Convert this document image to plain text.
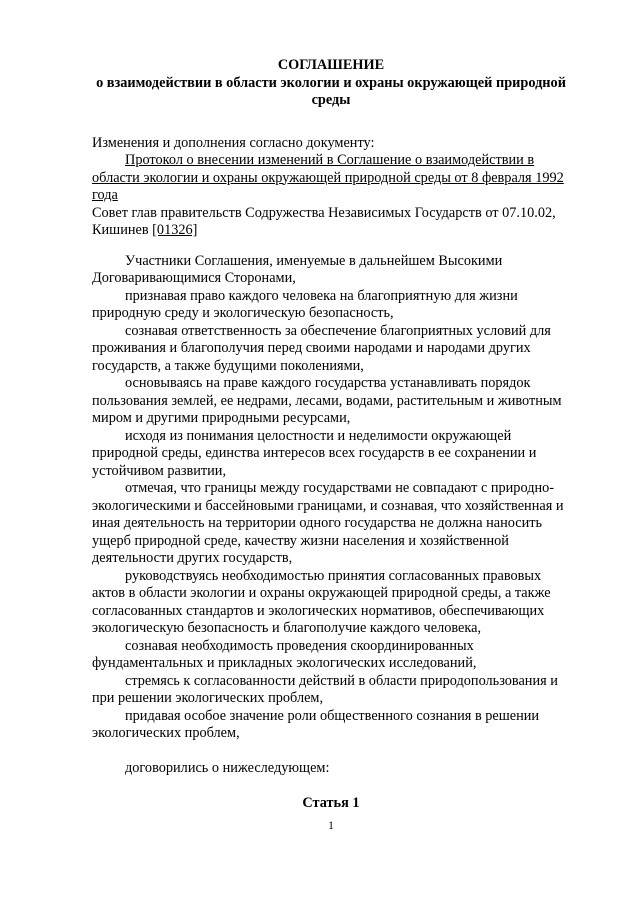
СОГЛАШЕНИЕ
о взаимодействии в области экологии и охраны окружающей природной среды

Изменения и дополнения согласно документу:

Протокол о внесении изменений в Соглашение о взаимодействии в области экологии и охраны окружающей природной среды от 8 февраля 1992 года

Совет глав правительств Содружества Независимых Государств от 07.10.02, Кишинев [01326]

Участники Соглашения, именуемые в дальнейшем Высокими Договаривающимися Сторонами,

признавая право каждого человека на благоприятную для жизни природную среду и экологическую безопасность,

сознавая ответственность за обеспечение благоприятных условий для проживания и благополучия перед своими народами и народами других государств, а также будущими поколениями,

основываясь на праве каждого государства устанавливать порядок пользования землей, ее недрами, лесами, водами, растительным и животным миром и другими природными ресурсами,

исходя из понимания целостности и неделимости окружающей природной среды, единства интересов всех государств в ее сохранении и устойчивом развитии,

отмечая, что границы между государствами не совпадают с природно-экологическими и бассейновыми границами, и сознавая, что хозяйственная и иная деятельность на территории одного государства не должна наносить ущерб природной среде, качеству жизни населения и хозяйственной деятельности других государств,

руководствуясь необходимостью принятия согласованных правовых актов в области экологии и охраны окружающей природной среды, а также согласованных стандартов и экологических нормативов, обеспечивающих экологическую безопасность и благополучие каждого человека,

сознавая необходимость проведения скоординированных фундаментальных и прикладных экологических исследований,

стремясь к согласованности действий в области природопользования и при решении экологических проблем,

придавая особое значение роли общественного сознания в решении экологических проблем,

договорились о нижеследующем:

Статья 1
1
